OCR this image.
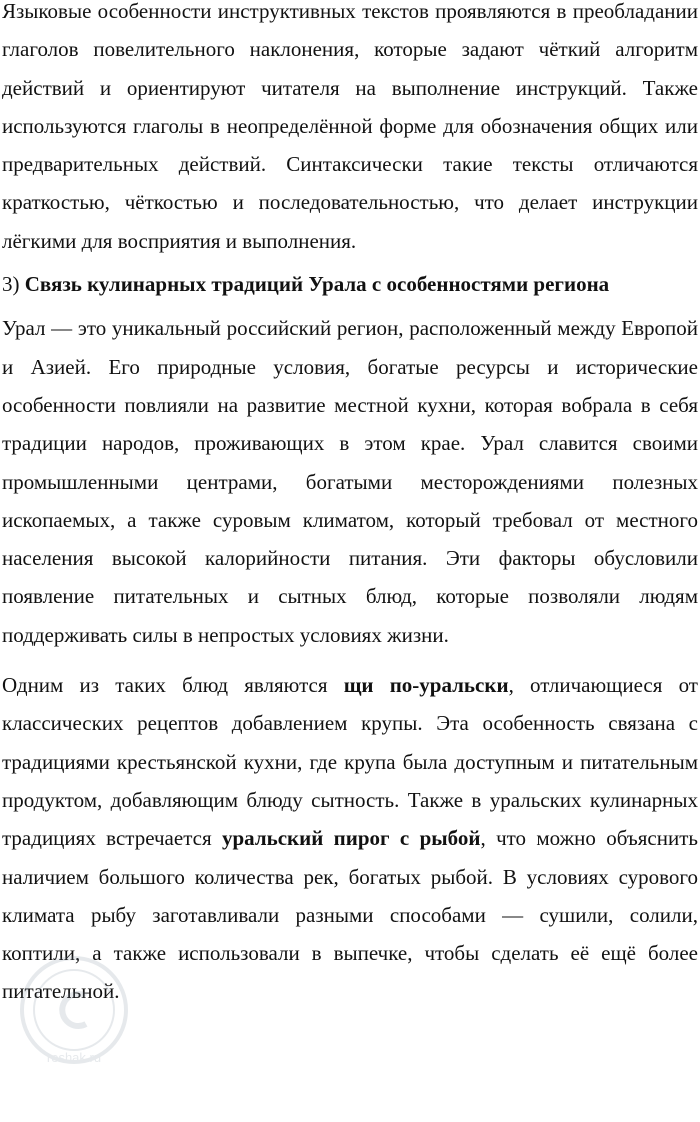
Языковые особенности инструктивных текстов проявляются в преобладании глаголов повелительного наклонения, которые задают чёткий алгоритм действий и ориентируют читателя на выполнение инструкций. Также используются глаголы в неопределённой форме для обозначения общих или предварительных действий. Синтаксически такие тексты отличаются краткостью, чёткостью и последовательностью, что делает инструкции лёгкими для восприятия и выполнения.

3) Связь кулинарных традиций Урала с особенностями региона

Урал — это уникальный российский регион, расположенный между Европой и Азией. Его природные условия, богатые ресурсы и исторические особенности повлияли на развитие местной кухни, которая вобрала в себя традиции народов, проживающих в этом крае. Урал славится своими промышленными центрами, богатыми месторождениями полезных ископаемых, а также суровым климатом, который требовал от местного населения высокой калорийности питания. Эти факторы обусловили появление питательных и сытных блюд, которые позволяли людям поддерживать силы в непростых условиях жизни.

Одним из таких блюд являются щи по-уральски, отличающиеся от классических рецептов добавлением крупы. Эта особенность связана с традициями крестьянской кухни, где крупа была доступным и питательным продуктом, добавляющим блюду сытность. Также в уральских кулинарных традициях встречается уральский пирог с рыбой, что можно объяснить наличием большого количества рек, богатых рыбой. В условиях сурового климата рыбу заготавливали разными способами — сушили, солили, коптили, а также использовали в выпечке, чтобы сделать её ещё более питательной.

reshak.ru
